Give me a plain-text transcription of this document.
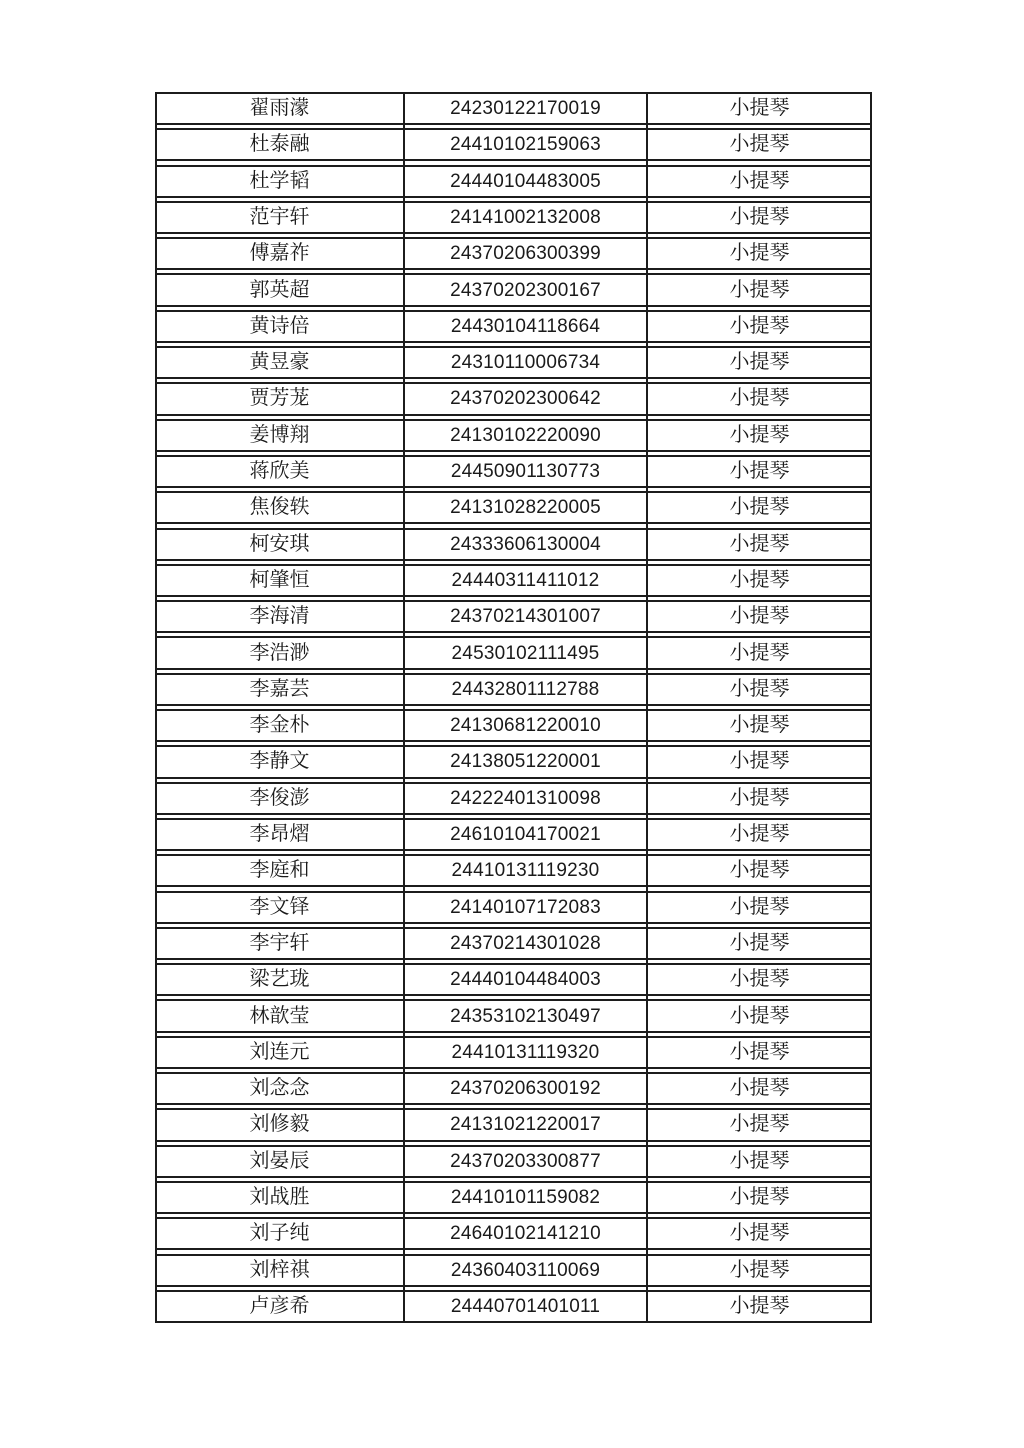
翟雨濛	24230122170019	小提琴
杜泰融	24410102159063	小提琴
杜学韬	24440104483005	小提琴
范宇轩	24141002132008	小提琴
傅嘉祚	24370206300399	小提琴
郭英超	24370202300167	小提琴
黄诗倍	24430104118664	小提琴
黄昱豪	24310110006734	小提琴
贾芳茏	24370202300642	小提琴
姜博翔	24130102220090	小提琴
蒋欣美	24450901130773	小提琴
焦俊轶	24131028220005	小提琴
柯安琪	24333606130004	小提琴
柯肇恒	24440311411012	小提琴
李海清	24370214301007	小提琴
李浩渺	24530102111495	小提琴
李嘉芸	24432801112788	小提琴
李金朴	24130681220010	小提琴
李静文	24138051220001	小提琴
李俊澎	24222401310098	小提琴
李昂熠	24610104170021	小提琴
李庭和	24410131119230	小提琴
李文铎	24140107172083	小提琴
李宇轩	24370214301028	小提琴
梁艺珑	24440104484003	小提琴
林歆莹	24353102130497	小提琴
刘连元	24410131119320	小提琴
刘念念	24370206300192	小提琴
刘修毅	24131021220017	小提琴
刘晏辰	24370203300877	小提琴
刘战胜	24410101159082	小提琴
刘子纯	24640102141210	小提琴
刘梓祺	24360403110069	小提琴
卢彦希	24440701401011	小提琴
